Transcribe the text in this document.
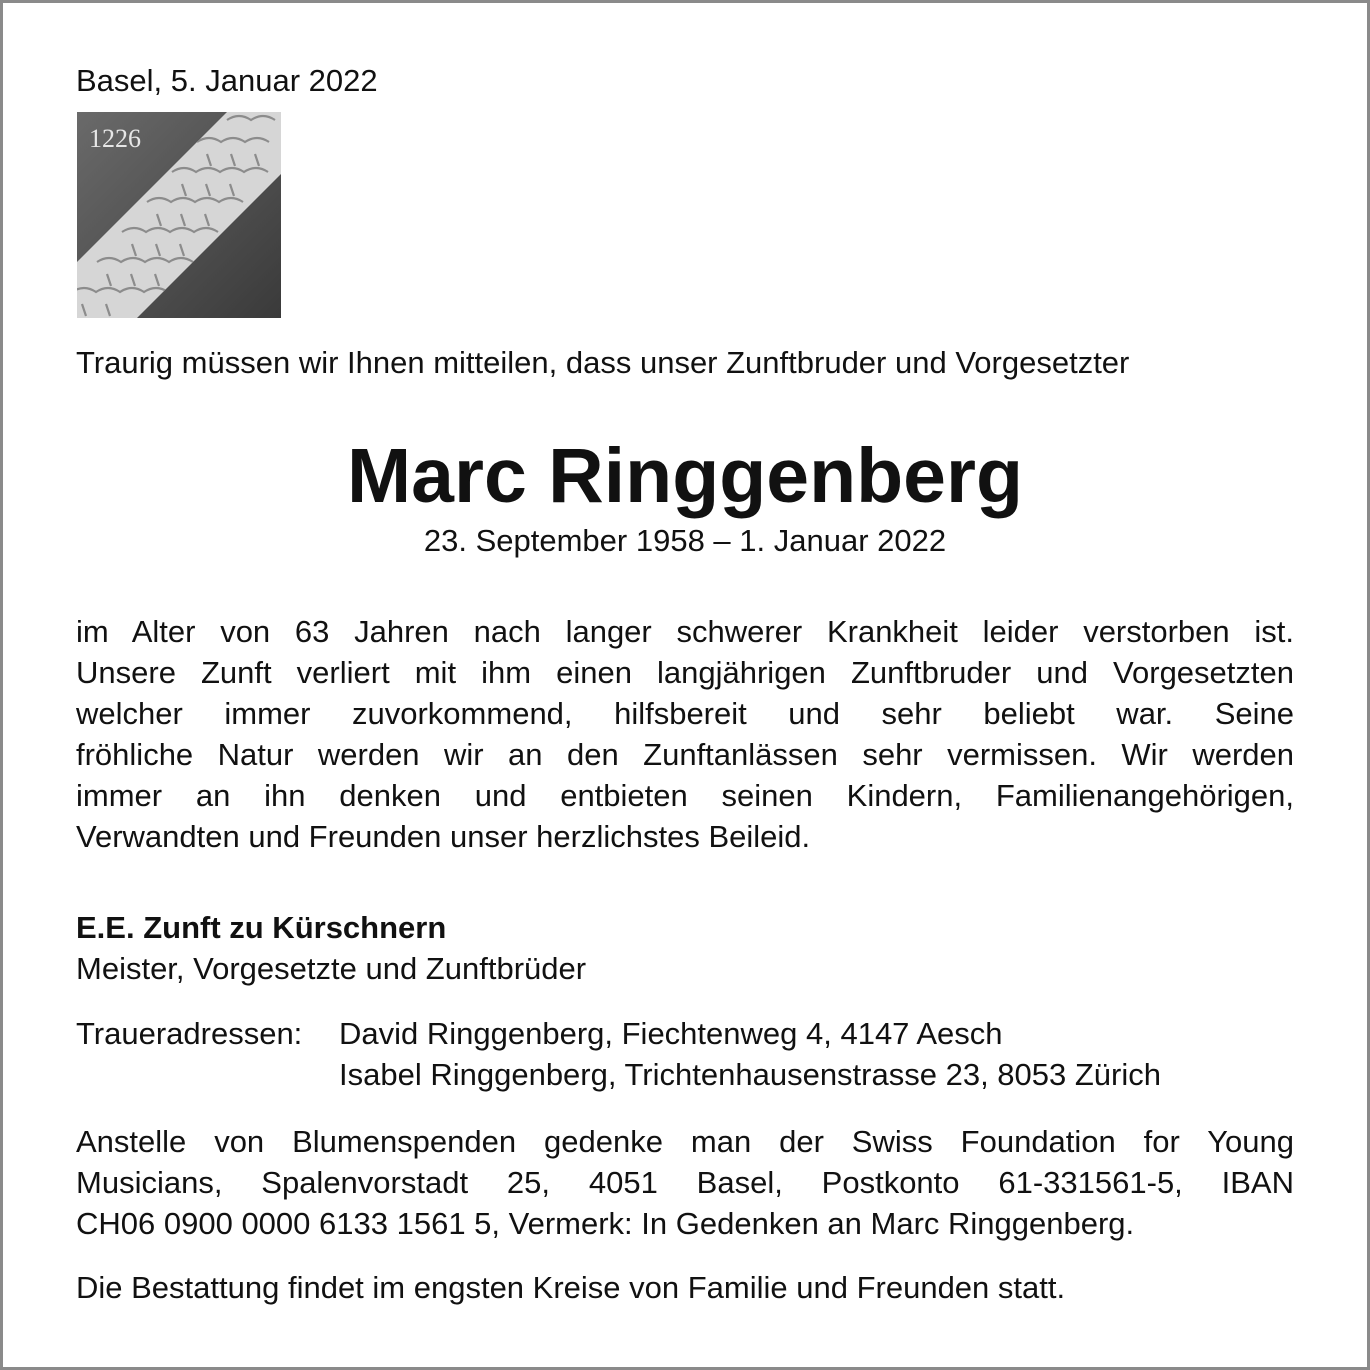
Basel, 5. Januar 2022

1226

Traurig müssen wir Ihnen mitteilen, dass unser Zunftbruder und Vorgesetzter

Marc Ringgenberg

23. September 1958 – 1. Januar 2022

im Alter von 63 Jahren nach langer schwerer Krankheit leider verstorben ist.
Unsere Zunft verliert mit ihm einen langjährigen Zunftbruder und Vorgesetzten
welcher immer zuvorkommend, hilfsbereit und sehr beliebt war. Seine
fröhliche Natur werden wir an den Zunftanlässen sehr vermissen. Wir werden
immer an ihn denken und entbieten seinen Kindern, Familienangehörigen,
Verwandten und Freunden unser herzlichstes Beileid.

E.E. Zunft zu Kürschnern

Meister, Vorgesetzte und Zunftbrüder

Traueradressen: David Ringgenberg, Fiechtenweg 4, 4147 Aesch

Isabel Ringgenberg, Trichtenhausenstrasse 23, 8053 Zürich

Anstelle von Blumenspenden gedenke man der Swiss Foundation for Young
Musicians, Spalenvorstadt 25, 4051 Basel, Postkonto 61-331561-5, IBAN
CH06 0900 0000 6133 1561 5, Vermerk: In Gedenken an Marc Ringgenberg.

Die Bestattung findet im engsten Kreise von Familie und Freunden statt.
